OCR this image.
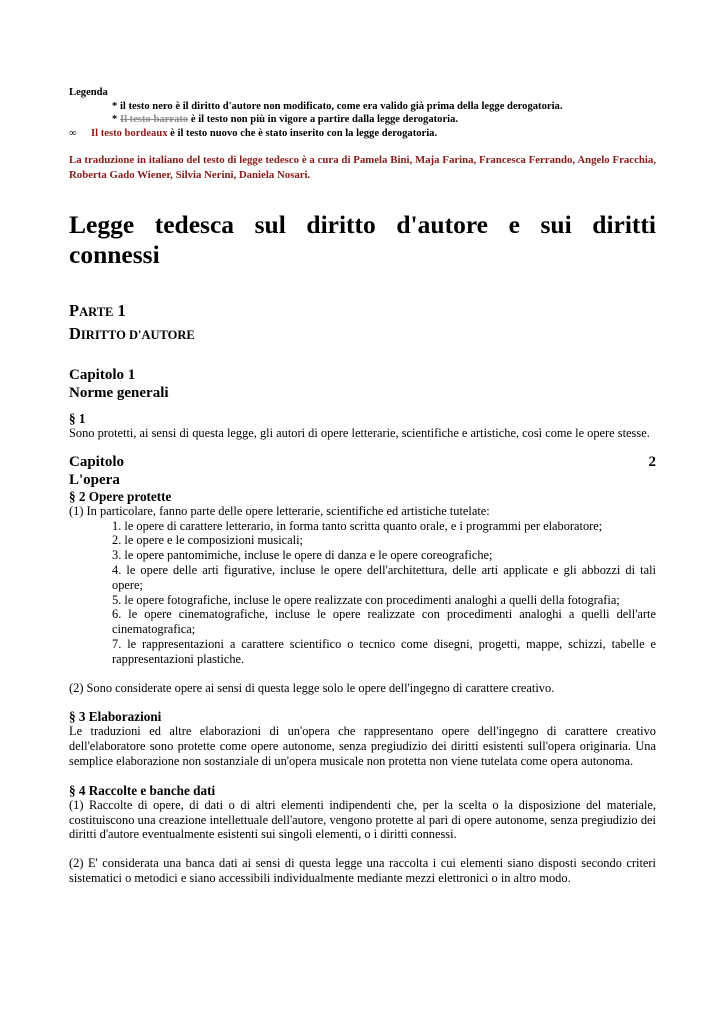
Legenda
* il testo nero è il diritto d'autore non modificato, come era valido già prima della legge derogatoria.
* Il testo barrato è il testo non più in vigore a partire dalla legge derogatoria.
∞ Il testo bordeaux è il testo nuovo che è stato inserito con la legge derogatoria.
La traduzione in italiano del testo di legge tedesco è a cura di Pamela Bini, Maja Farina, Francesca Ferrando, Angelo Fracchia, Roberta Gado Wiener, Silvia Nerini, Daniela Nosari.
Legge tedesca sul diritto d'autore e sui diritti connessi
PARTE 1
DIRITTO D'AUTORE
Capitolo 1
Norme generali
§ 1
Sono protetti, ai sensi di questa legge, gli autori di opere letterarie, scientifiche e artistiche, così come le opere stesse.
Capitolo	2
L'opera
§ 2 Opere protette
(1) In particolare, fanno parte delle opere letterarie, scientifiche ed artistiche tutelate:
1. le opere di carattere letterario, in forma tanto scritta quanto orale, e i programmi per elaboratore;
2. le opere e le composizioni musicali;
3. le opere pantomimiche, incluse le opere di danza e le opere coreografiche;
4. le opere delle arti figurative, incluse le opere dell'architettura, delle arti applicate e gli abbozzi di tali opere;
5. le opere fotografiche, incluse le opere realizzate con procedimenti analoghi a quelli della fotografia;
6. le opere cinematografiche, incluse le opere realizzate con procedimenti analoghi a quelli dell'arte cinematografica;
7. le rappresentazioni a carattere scientifico o tecnico come disegni, progetti, mappe, schizzi, tabelle e rappresentazioni plastiche.
(2) Sono considerate opere ai sensi di questa legge solo le opere dell'ingegno di carattere creativo.
§ 3 Elaborazioni
Le traduzioni ed altre elaborazioni di un'opera che rappresentano opere dell'ingegno di carattere creativo dell'elaboratore sono protette come opere autonome, senza pregiudizio dei diritti esistenti sull'opera originaria. Una semplice elaborazione non sostanziale di un'opera musicale non protetta non viene tutelata come opera autonoma.
§ 4 Raccolte e banche dati
(1) Raccolte di opere, di dati o di altri elementi indipendenti che, per la scelta o la disposizione del materiale, costituiscono una creazione intellettuale dell'autore, vengono protette al pari di opere autonome, senza pregiudizio dei diritti d'autore eventualmente esistenti sui singoli elementi, o i diritti connessi.
(2) E' considerata una banca dati ai sensi di questa legge una raccolta i cui elementi siano disposti secondo criteri sistematici o metodici e siano accessibili individualmente mediante mezzi elettronici o in altro modo.
